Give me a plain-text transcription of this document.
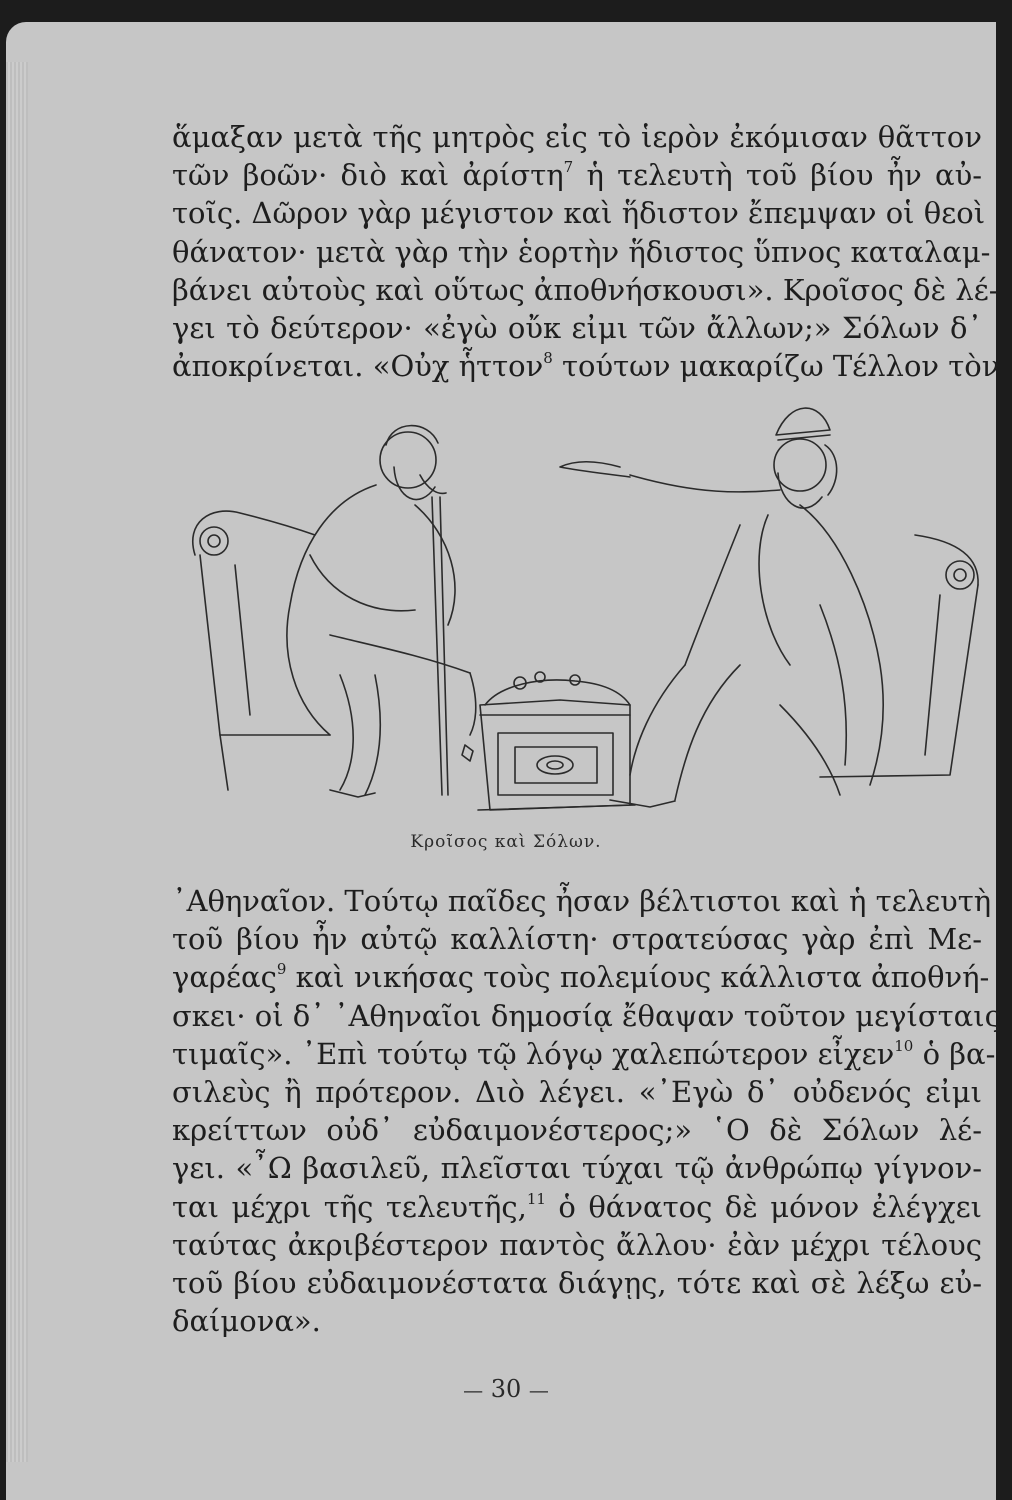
ἅμαξαν μετὰ τῆς μητρὸς εἰς τὸ ἱερὸν ἐκόμισαν θᾶττον
τῶν βοῶν· διὸ καὶ ἀρίστη$^7$ ἡ τελευτὴ τοῦ βίου ἦν αὐ-
τοῖς. Δῶρον γὰρ μέγιστον καὶ ἥδιστον ἔπεμψαν οἱ θεοὶ
θάνατον· μετὰ γὰρ τὴν ἑορτὴν ἥδιστος ὕπνος καταλαμ-
βάνει αὐτοὺς καὶ οὕτως ἀποθνήσκουσι». Κροῖσος δὲ λέ-
γει τὸ δεύτερον· «ἐγὼ οὔκ εἰμι τῶν ἄλλων;» Σόλων δ᾿
ἀποκρίνεται. «Οὐχ ἧττον$^8$ τούτων μακαρίζω Τέλλον τὸν
Κροῖσος καὶ Σόλων.
᾿Αθηναῖον. Τούτῳ παῖδες ἦσαν βέλτιστοι καὶ ἡ τελευτὴ
τοῦ βίου ἦν αὐτῷ καλλίστη· στρατεύσας γὰρ ἐπὶ Με-
γαρέας$^9$ καὶ νικήσας τοὺς πολεμίους κάλλιστα ἀποθνή-
σκει· οἱ δ᾿ ᾿Αθηναῖοι δημοσίᾳ ἔθαψαν τοῦτον μεγίσταις
τιμαῖς». ᾿Επὶ τούτῳ τῷ λόγῳ χαλεπώτερον εἶχεν$^{10}$ ὁ βα-
σιλεὺς ἢ πρότερον. Διὸ λέγει. «᾿Εγὼ δ᾿ οὐδενός εἰμι
κρείττων οὐδ᾿ εὐδαιμονέστερος;» ῾Ο δὲ Σόλων λέ-
γει. «῏Ω βασιλεῦ, πλεῖσται τύχαι τῷ ἀνθρώπῳ γίγνον-
ται μέχρι τῆς τελευτῆς,$^{11}$ ὁ θάνατος δὲ μόνον ἐλέγχει
ταύτας ἀκριβέστερον παντὸς ἄλλου· ἐὰν μέχρι τέλους
τοῦ βίου εὐδαιμονέστατα διάγῃς, τότε καὶ σὲ λέξω εὐ-
δαίμονα».
— 30 —
